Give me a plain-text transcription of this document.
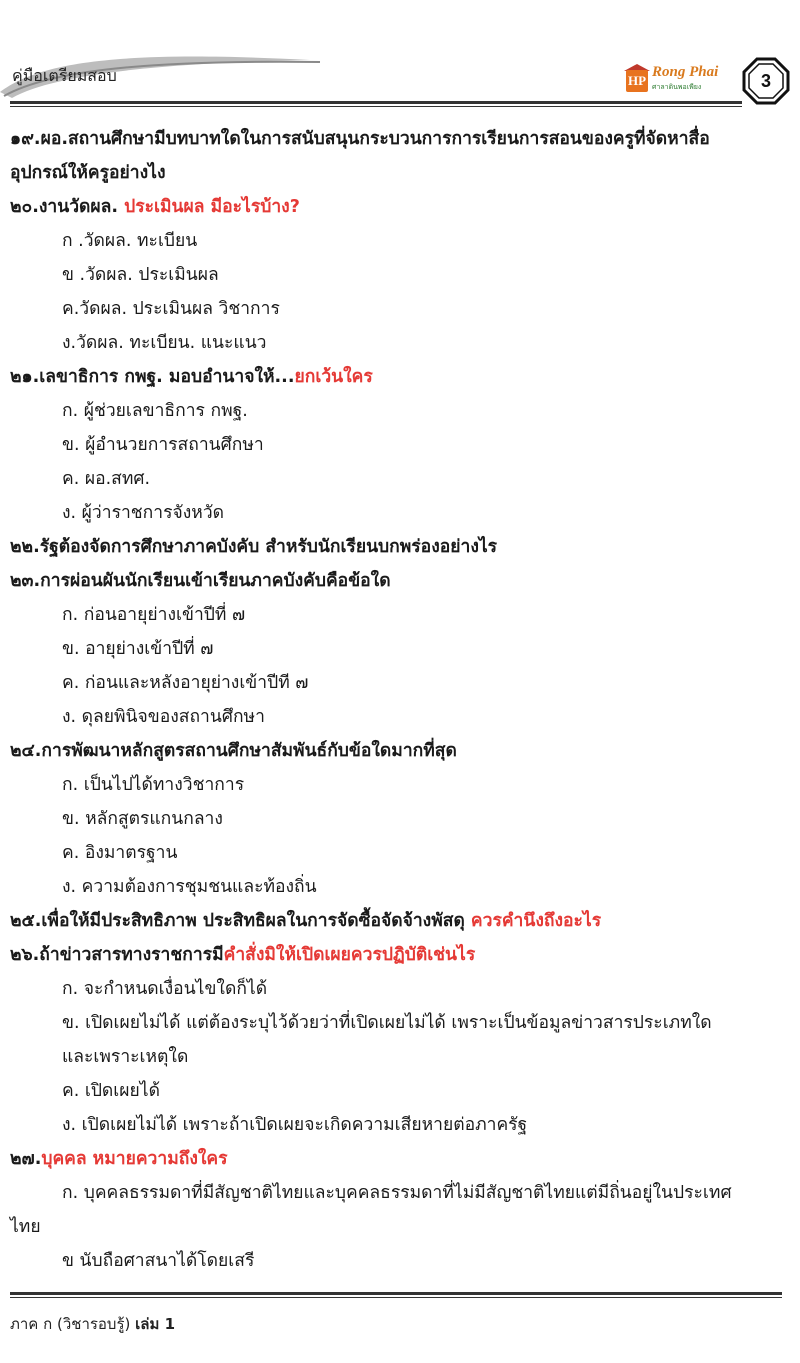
คู่มือเตรียมสอบ	HP
Rong Phai
ศาลาดินพอเพียง	3
๑๙.ผอ.สถานศึกษามีบทบาทใดในการสนับสนุนกระบวนการการเรียนการสอนของครูที่จัดหาสื่อ
อุปกรณ์ให้ครูอย่างไง
๒๐.งานวัดผล. ประเมินผล มีอะไรบ้าง?
ก .วัดผล. ทะเบียน
ข .วัดผล. ประเมินผล
ค.วัดผล. ประเมินผล วิชาการ
ง.วัดผล. ทะเบียน. แนะแนว
๒๑.เลขาธิการ กพฐ. มอบอำนาจให้...ยกเว้นใคร
ก. ผู้ช่วยเลขาธิการ กพฐ.
ข. ผู้อำนวยการสถานศึกษา
ค. ผอ.สทศ.
ง. ผู้ว่าราชการจังหวัด
๒๒.รัฐต้องจัดการศึกษาภาคบังคับ สำหรับนักเรียนบกพร่องอย่างไร
๒๓.การผ่อนผันนักเรียนเข้าเรียนภาคบังคับคือข้อใด
ก. ก่อนอายุย่างเข้าปีที่ ๗
ข. อายุย่างเข้าปีที่ ๗
ค. ก่อนและหลังอายุย่างเข้าปีที ๗
ง. ดุลยพินิจของสถานศึกษา
๒๔.การพัฒนาหลักสูตรสถานศึกษาสัมพันธ์กับข้อใดมากที่สุด
ก. เป็นไปได้ทางวิชาการ
ข. หลักสูตรแกนกลาง
ค. อิงมาตรฐาน
ง. ความต้องการชุมชนและท้องถิ่น
๒๕.เพื่อให้มีประสิทธิภาพ ประสิทธิผลในการจัดซื้อจัดจ้างพัสดุ ควรคำนึงถึงอะไร
๒๖.ถ้าข่าวสารทางราชการมีคำสั่งมิให้เปิดเผยควรปฏิบัติเช่นไร
ก. จะกำหนดเงื่อนไขใดก็ได้
ข. เปิดเผยไม่ได้ แต่ต้องระบุไว้ด้วยว่าที่เปิดเผยไม่ได้ เพราะเป็นข้อมูลข่าวสารประเภทใด
และเพราะเหตุใด
ค. เปิดเผยได้
ง. เปิดเผยไม่ได้ เพราะถ้าเปิดเผยจะเกิดความเสียหายต่อภาครัฐ
๒๗.บุคคล หมายความถึงใคร
ก. บุคคลธรรมดาที่มีสัญชาติไทยและบุคคลธรรมดาที่ไม่มีสัญชาติไทยแต่มีถิ่นอยู่ในประเทศ
ไทย
ข นับถือศาสนาได้โดยเสรี
ภาค ก (วิชารอบรู้) เล่ม 1
